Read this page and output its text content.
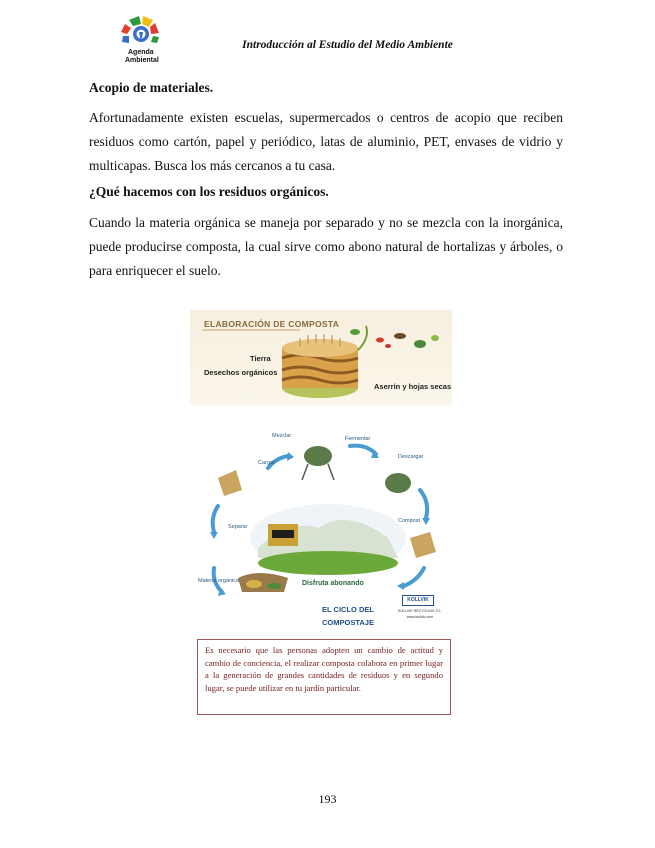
Agenda
Ambiental
Introducción al Estudio del Medio Ambiente
Acopio de materiales.
Afortunadamente existen escuelas, supermercados o centros de acopio que reciben residuos como cartón, papel y periódico, latas de aluminio, PET, envases de vidrio y multicapas. Busca los más cercanos a tu casa.
¿Qué hacemos con los residuos orgánicos.
Cuando la materia orgánica se maneja por separado y no se mezcla con la inorgánica, puede producirse composta, la cual sirve como abono natural de hortalizas y árboles, o para enriquecer el suelo.
ELABORACIÓN DE COMPOSTA
Tierra
Desechos orgánicos
Aserrín y hojas secas
Mezclar	Fermentar
Cargar
Descargar
Separar
Compost
Materia orgánica	Disfruta abonando
EL CICLO DEL
COMPOSTAJE
KOLLVIK
KOLLVIK RECYCLING S.L.
www.kollvik.com
Es necesario que las personas adopten un cambio de actitud y cambio de conciencia, el realizar composta colabora en primer lugar a la generación de grandes cantidades de residuos y en segundo lugar, se puede utilizar en tu jardín particular.
193
